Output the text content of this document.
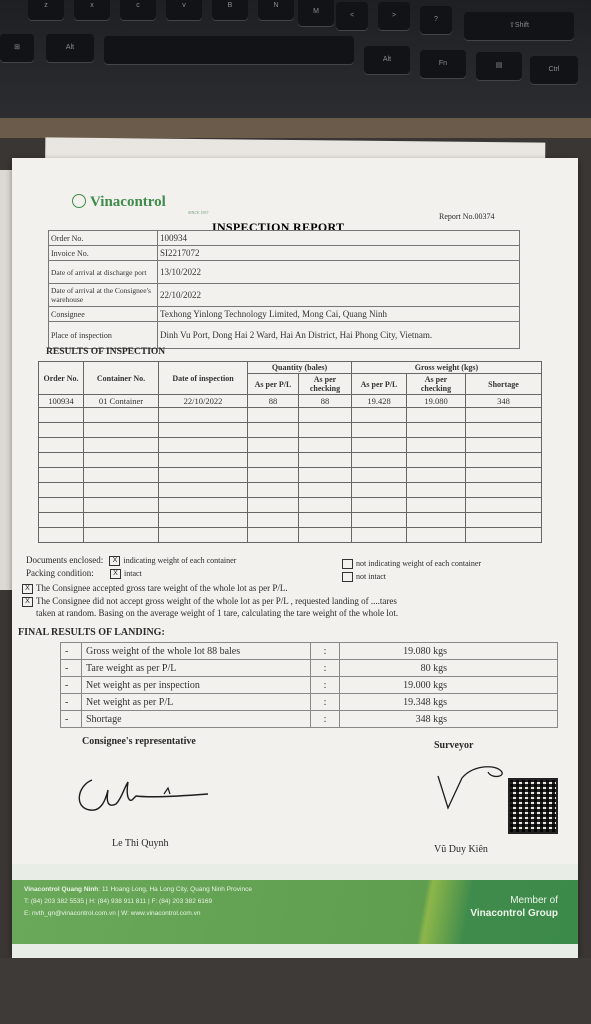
z	x	c	v	B	N
M
<	>
?
⇧Shift
⊞	Alt
Alt
Fn	▤
Ctrl
Vinacontrol
SINCE 1957	Report No.00374
INSPECTION REPORT
Order No.	100934
Invoice No.	SI2217072
Date of arrival at discharge port	13/10/2022
Date of arrival at the Consignee's warehouse	22/10/2022
Consignee	Texhong Yinlong Technology Limited, Mong Cai, Quang Ninh
Place of inspection	Dinh Vu Port, Dong Hai 2 Ward, Hai An District, Hai Phong City, Vietnam.
RESULTS OF INSPECTION
Order No.	Container No.	Date of inspection	Quantity (bales)		Gross weight (kgs)		
			As per P/L	As per checking	As per P/L	As per checking	Shortage
100934	01 Container	22/10/2022	88	88	19.428	19.080	348

Documents enclosed: X indicating weight of each container	not indicating weight of each container
Packing condition:	X intact	not intact
X The Consignee accepted gross tare weight of the whole lot as per P/L.
X The Consignee did not accept gross weight of the whole lot as per P/L , requested landing of ....tares
taken at random. Basing on the average weight of 1 tare, calculating the tare weight of the whole lot.
FINAL RESULTS OF LANDING:
-	Gross weight of the whole lot 88 bales	:	19.080 kgs
-	Tare weight as per P/L	:	80 kgs
-	Net weight as per inspection	:	19.000 kgs
-	Net weight as per P/L	:	19.348 kgs
-	Shortage	:	348 kgs
Consignee's representative	Surveyor
Le Thi Quynh
Vũ Duy Kiên
Vinacontrol Quang Ninh: 11 Hoang Long, Ha Long City, Quang Ninh Province
T: (84) 203 382 5535 | H: (84) 938 911 811 | F: (84) 203 382 6169
E: nvth_qn@vinacontrol.com.vn | W: www.vinacontrol.com.vn
Member of
Vinacontrol Group
